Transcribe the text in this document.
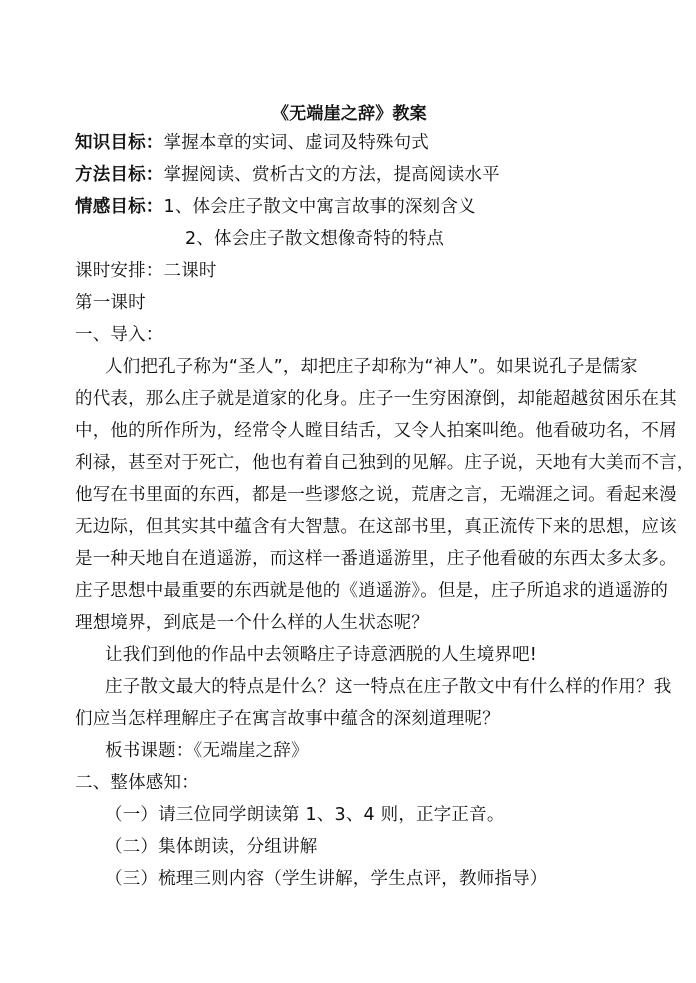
《无端崖之辞》教案
知识目标：掌握本章的实词、虚词及特殊句式
方法目标：掌握阅读、赏析古文的方法，提高阅读水平
情感目标：1、体会庄子散文中寓言故事的深刻含义
2、体会庄子散文想像奇特的特点
课时安排：二课时
第一课时
一、导入：
人们把孔子称为“圣人”，却把庄子却称为“神人”。如果说孔子是儒家
的代表，那么庄子就是道家的化身。庄子一生穷困潦倒，却能超越贫困乐在其
中，他的所作所为，经常令人瞠目结舌，又令人拍案叫绝。他看破功名，不屑
利禄，甚至对于死亡，他也有着自己独到的见解。庄子说，天地有大美而不言，
他写在书里面的东西，都是一些谬悠之说，荒唐之言，无端涯之词。看起来漫
无边际，但其实其中蕴含有大智慧。在这部书里，真正流传下来的思想，应该
是一种天地自在逍遥游，而这样一番逍遥游里，庄子他看破的东西太多太多。
庄子思想中最重要的东西就是他的《逍遥游》。但是，庄子所追求的逍遥游的
理想境界，到底是一个什么样的人生状态呢？
让我们到他的作品中去领略庄子诗意洒脱的人生境界吧!
庄子散文最大的特点是什么？这一特点在庄子散文中有什么样的作用？我
们应当怎样理解庄子在寓言故事中蕴含的深刻道理呢？
板书课题：《无端崖之辞》
二、整体感知：
（一）请三位同学朗读第 1、3、4 则，正字正音。
（二）集体朗读，分组讲解
（三）梳理三则内容（学生讲解，学生点评，教师指导）
